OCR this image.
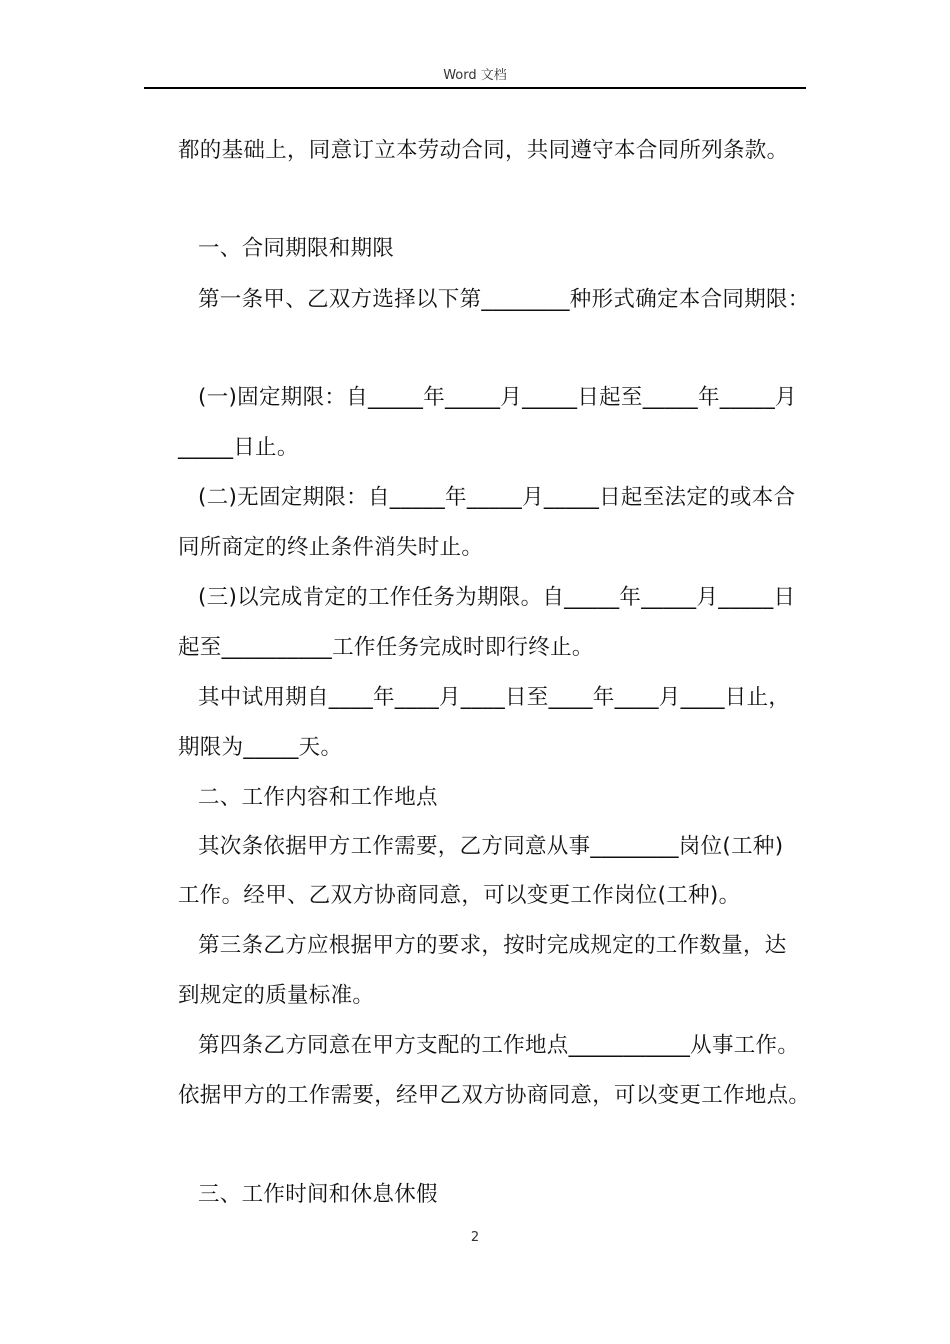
Word 文档
都的基础上，同意订立本劳动合同，共同遵守本合同所列条款。
一、合同期限和期限
第一条甲、乙双方选择以下第________种形式确定本合同期限：
(一)固定期限：自_____年_____月_____日起至_____年_____月
_____日止。
(二)无固定期限：自_____年_____月_____日起至法定的或本合
同所商定的终止条件消失时止。
(三)以完成肯定的工作任务为期限。自_____年_____月_____日
起至__________工作任务完成时即行终止。
其中试用期自____年____月____日至____年____月____日止，
期限为_____天。
二、工作内容和工作地点
其次条依据甲方工作需要，乙方同意从事________岗位(工种)
工作。经甲、乙双方协商同意，可以变更工作岗位(工种)。
第三条乙方应根据甲方的要求，按时完成规定的工作数量，达
到规定的质量标准。
第四条乙方同意在甲方支配的工作地点___________从事工作。
依据甲方的工作需要，经甲乙双方协商同意，可以变更工作地点。
三、工作时间和休息休假
2
